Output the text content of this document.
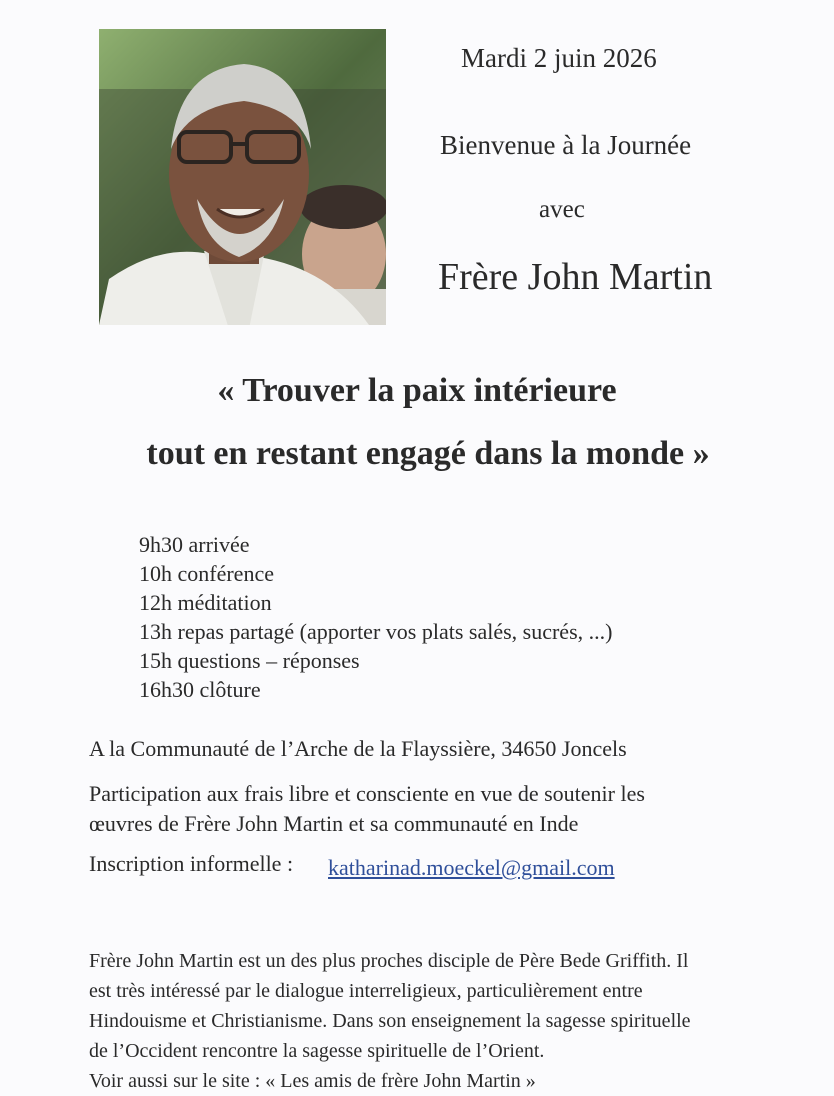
Mardi 2 juin 2026
Bienvenue à la Journée
avec
Frère John Martin
« Trouver la paix intérieure
tout en restant engagé dans la monde »
9h30 arrivée
10h conférence
12h méditation
13h repas partagé (apporter vos plats salés, sucrés, ...)
15h questions – réponses
16h30 clôture
A la Communauté de l’Arche de la Flayssière, 34650 Joncels
Participation aux frais libre et consciente en vue de soutenir les
œuvres de Frère John Martin et sa communauté en Inde
Inscription informelle : katharinad.moeckel@gmail.com
Frère John Martin est un des plus proches disciple de Père Bede Griffith. Il
est très intéressé par le dialogue interreligieux, particulièrement entre
Hindouisme et Christianisme. Dans son enseignement la sagesse spirituelle
de l’Occident rencontre la sagesse spirituelle de l’Orient.
Voir aussi sur le site : « Les amis de frère John Martin »
